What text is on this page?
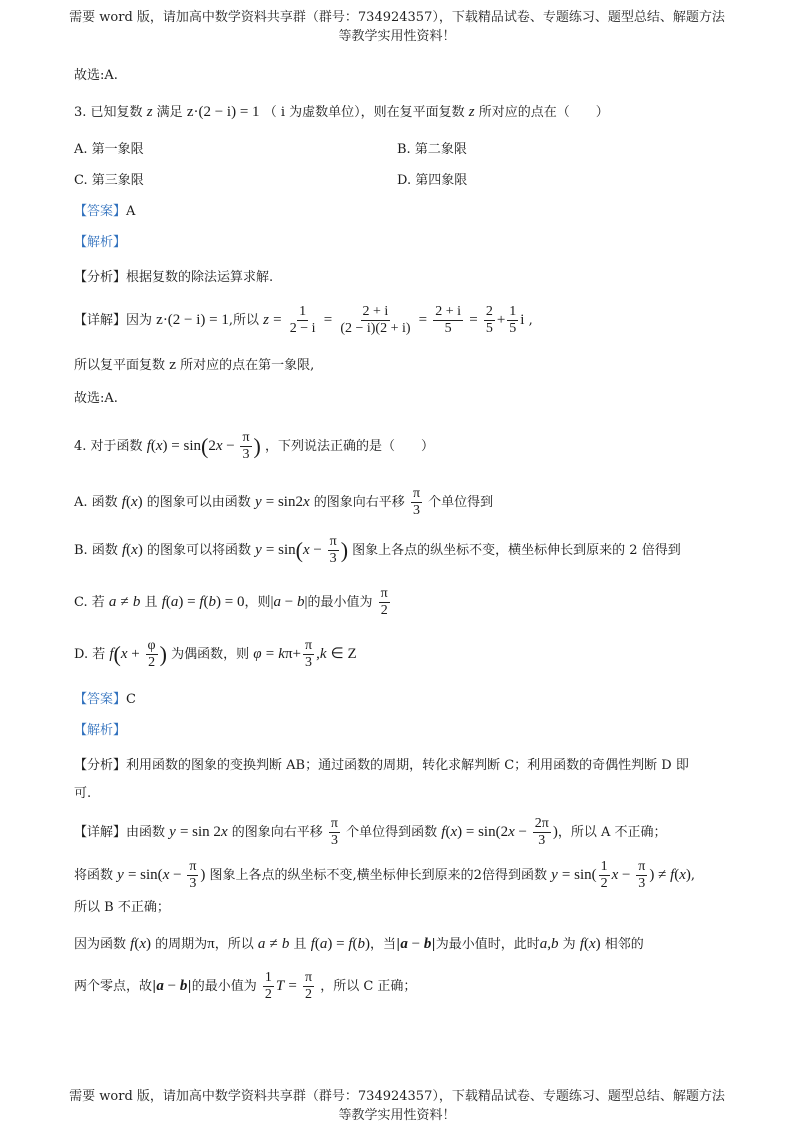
需要 word 版，请加高中数学资料共享群（群号：734924357），下载精品试卷、专题练习、题型总结、解题方法
等教学实用性资料！
故选:A.
3. 已知复数 z 满足 z·(2 − i) = 1 （ i 为虚数单位），则在复平面复数 z 所对应的点在（　　）
A. 第一象限	B. 第二象限
C. 第三象限	D. 第四象限
【答案】A
【解析】
【分析】根据复数的除法运算求解.
【详解】因为 z·(2 − i) = 1,所以 $z = \frac{1}{2 - i} = \frac{2 + i}{(2 - i)(2 + i)} = \frac{2 + i}{5} = \frac{2}{5} + \frac{1}{5}$ i ,
所以复平面复数 z 所对应的点在第一象限,
故选:A.
4. 对于函数 $f(x) = \sin(2x - \frac{\pi}{3}$ ) ，下列说法正确的是（　　）
A. 函数 f(x) 的图象可以由函数 y = sin2x 的图象向右平移 $\frac{\pi}{3}$ 个单位得到
B. 函数 f(x) 的图象可以将函数 $y = \sin(x - \frac{\pi}{3}$ ) 图象上各点的纵坐标不变，横坐标伸长到原来的 2 倍得到
C. 若 a ≠ b 且 f(a) = f(b) = 0，则|a − b|的最小值为 $\frac{\pi}{2}$
D. 若 $f(x + \frac{\varphi}{2}$ ) 为偶函数，则 $\varphi = k\pi+ \frac{\pi}{3} ,k$ ∈ Z
【答案】C
【解析】
【分析】利用函数的图象的变换判断 AB；通过函数的周期，转化求解判断 C；利用函数的奇偶性判断 D 即
可.
【详解】由函数 y = sin 2x 的图象向右平移 $\frac{\pi}{3}$ 个单位得到函数 $f(x) = \sin(2x - \frac{2\pi}{3}$ )，所以 A 不正确；
将函数 $y = \sin(x - \frac{\pi}{3}$ ) 图象上各点的纵坐标不变,横坐标伸长到原来的2倍得到函数 $y = \sin( \frac{1}{2}$ $x - \frac{\pi}{3}$ ) ≠ f(x),
所以 B 不正确；
因为函数 f(x) 的周期为π，所以 a ≠ b 且 f(a) = f(b)，当|a − b|为最小值时，此时a,b 为 f(x) 相邻的
两个零点，故|a − b|的最小值为 $\frac{1}{2}$ $T = \frac{\pi}{2}$ ，所以 C 正确；
需要 word 版，请加高中数学资料共享群（群号：734924357），下载精品试卷、专题练习、题型总结、解题方法
等教学实用性资料！
